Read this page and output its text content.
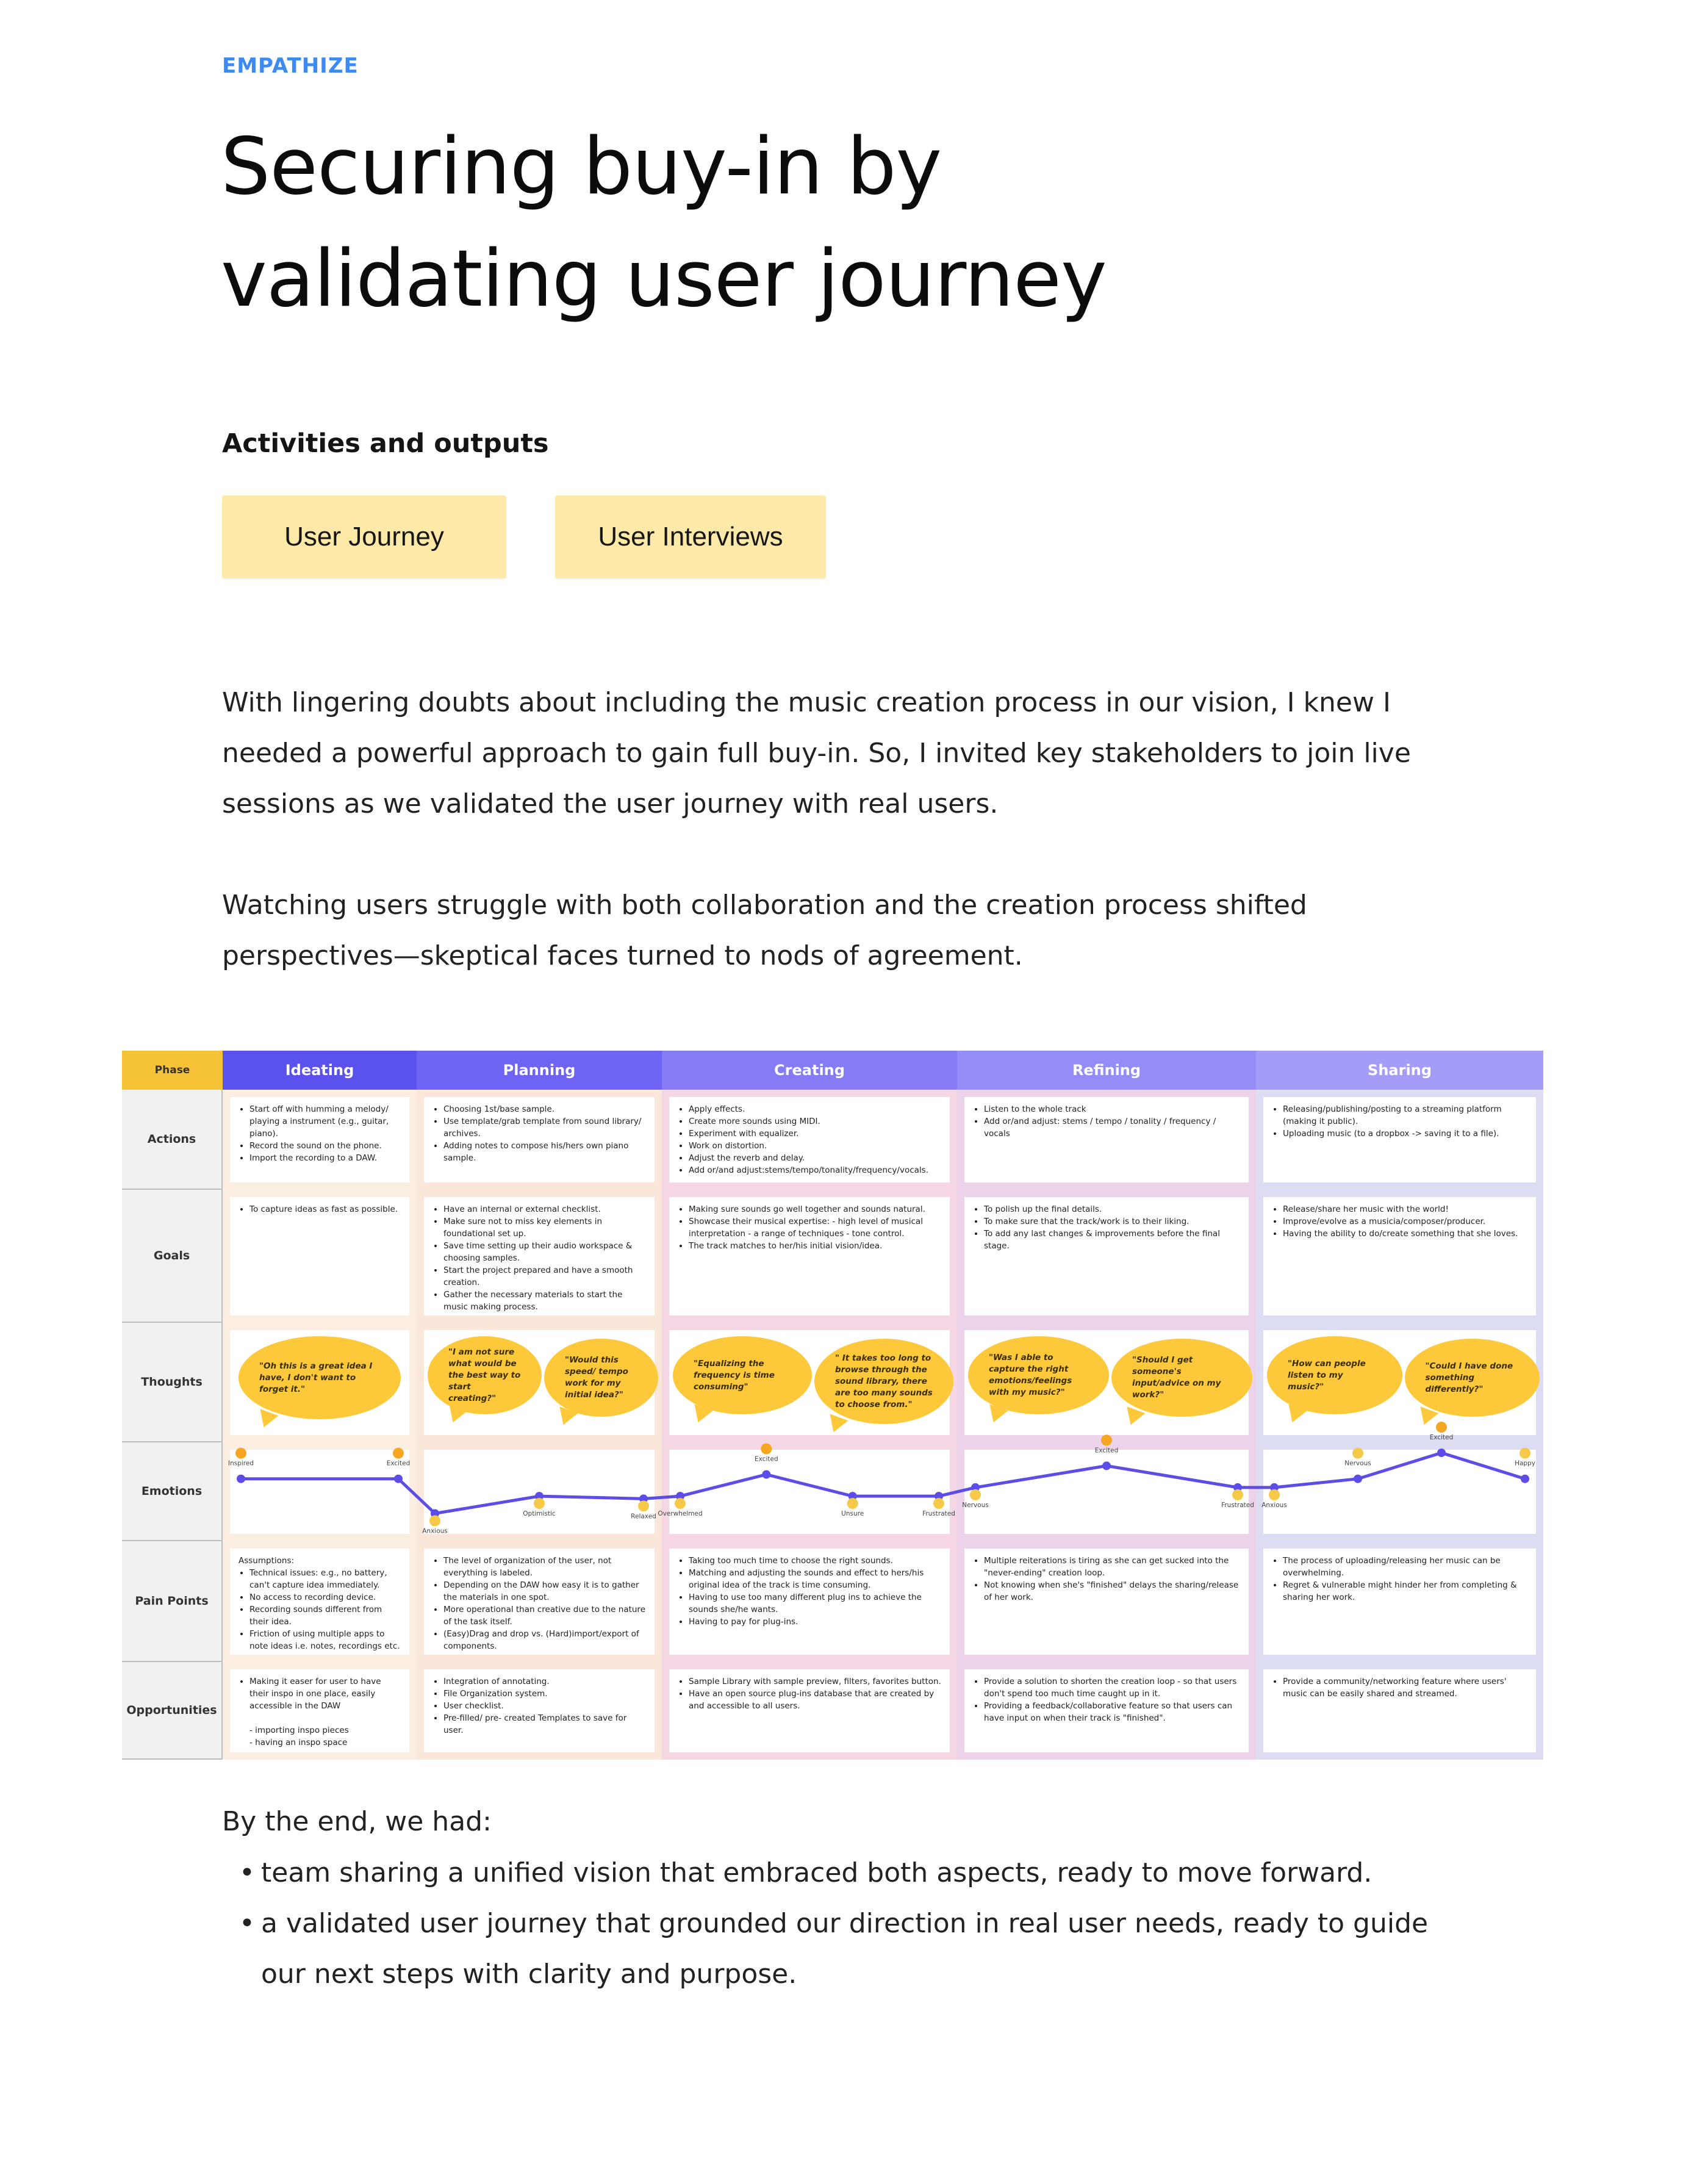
EMPATHIZE
Securing buy-in by
validating user journey
Activities and outputs
User Journey	User Interviews
With lingering doubts about including the music creation process in our vision, I knew I
needed a powerful approach to gain full buy-in. So, I invited key stakeholders to join live
sessions as we validated the user journey with real users.
Watching users struggle with both collaboration and the creation process shifted
perspectives—skeptical faces turned to nods of agreement.
Phase	Ideating	Planning	Creating	Refining	Sharing
Actions
• Start off with humming a melody/ playing a instrument (e.g., guitar, piano).
• Record the sound on the phone.
• Import the recording to a DAW.
• Choosing 1st/base sample.
• Use template/grab template from sound library/ archives.
• Adding notes to compose his/hers own piano sample.
• Apply effects.
• Create more sounds using MIDI.
• Experiment with equalizer.
• Work on distortion.
• Adjust the reverb and delay.
• Add or/and adjust:stems/tempo/tonality/frequency/vocals.
• Listen to the whole track
• Add or/and adjust: stems / tempo / tonality / frequency / vocals
• Releasing/publishing/posting to a streaming platform (making it public).
• Uploading music (to a dropbox -> saving it to a file).
Goals
• To capture ideas as fast as possible.
•	Have an internal or external checklist.
• Make sure not to miss key elements in foundational set up.
• Save time setting up their audio workspace & choosing samples.
• Start the project prepared and have a smooth creation.
• Gather the necessary materials to start the music making process.
• Making sure sounds go well together and sounds natural.
• Showcase their musical expertise: - high level of musical interpretation - a range of techniques - tone control.
• The track matches to her/his initial vision/idea.
• To polish up the final details.
• To make sure that the track/work is to their liking.
• To add any last changes & improvements before the final stage.
• Release/share her music with the world!
• Improve/evolve as a musicia/composer/producer.
• Having the ability to do/create something that she loves.
Thoughts
"Oh this is a great idea I have, I don't want to forget it."
"I am not sure what would be the best way to start creating?"
"Would this speed/ tempo work for my initial idea?"
"Equalizing the frequency is time consuming"
" It takes too long to browse through the sound library, there are too many sounds to choose from."
"Was I able to capture the right emotions/feelings with my music?"
"Should I get someone's input/advice on my work?"
"How can people listen to my music?"
"Could I have done something differently?"
Emotions
Pain Points
Assumptions:
• Technical issues: e.g., no battery, can't capture idea immediately.
• No access to recording device.
• Recording sounds different from their idea.
• Friction of using multiple apps to note ideas i.e. notes, recordings etc.
• The level of organization of the user, not everything is labeled.
• Depending on the DAW how easy it is to gather the materials in one spot.
• More operational than creative due to the nature of the task itself.
• (Easy)Drag and drop vs. (Hard)import/export of components.
• Taking too much time to choose the right sounds.
• Matching and adjusting the sounds and effect to hers/his original idea of the track is time consuming.
• Having to use too many different plug ins to achieve the sounds she/he wants.
• Having to pay for plug-ins.
• Multiple reiterations is tiring as she can get sucked into the "never-ending" creation loop.
• Not knowing when she's "finished" delays the sharing/release of her work.
• The process of uploading/releasing her music can be overwhelming.
• Regret & vulnerable might hinder her from completing & sharing her work.
Opportunities
• Making it easer for user to have their inspo in one place, easily accessible in the DAW
- importing inspo pieces
- having an inspo space
• Integration of annotating.
• File Organization system.
• User checklist.
• Pre-filled/ pre- created Templates to save for user.
• Sample Library with sample preview, filters, favorites button.
• Have an open source plug-ins database that are created by and accessible to all users.
• Provide a solution to shorten the creation loop - so that users don't spend too much time caught up in it.
• Providing a feedback/collaborative feature so that users can have input on when their track is "finished".
• Provide a community/networking feature where users' music can be easily shared and streamed.
Inspired	Excited
Anxious
Optimistic	Relaxed Overwhelmed
Excited
Unsure	Frustrated
Nervous
Excited
Frustrated Anxious
Nervous
Excited
Happy
By the end, we had:
• team sharing a unified vision that embraced both aspects, ready to move forward.
• a validated user journey that grounded our direction in real user needs, ready to guide
our next steps with clarity and purpose.
